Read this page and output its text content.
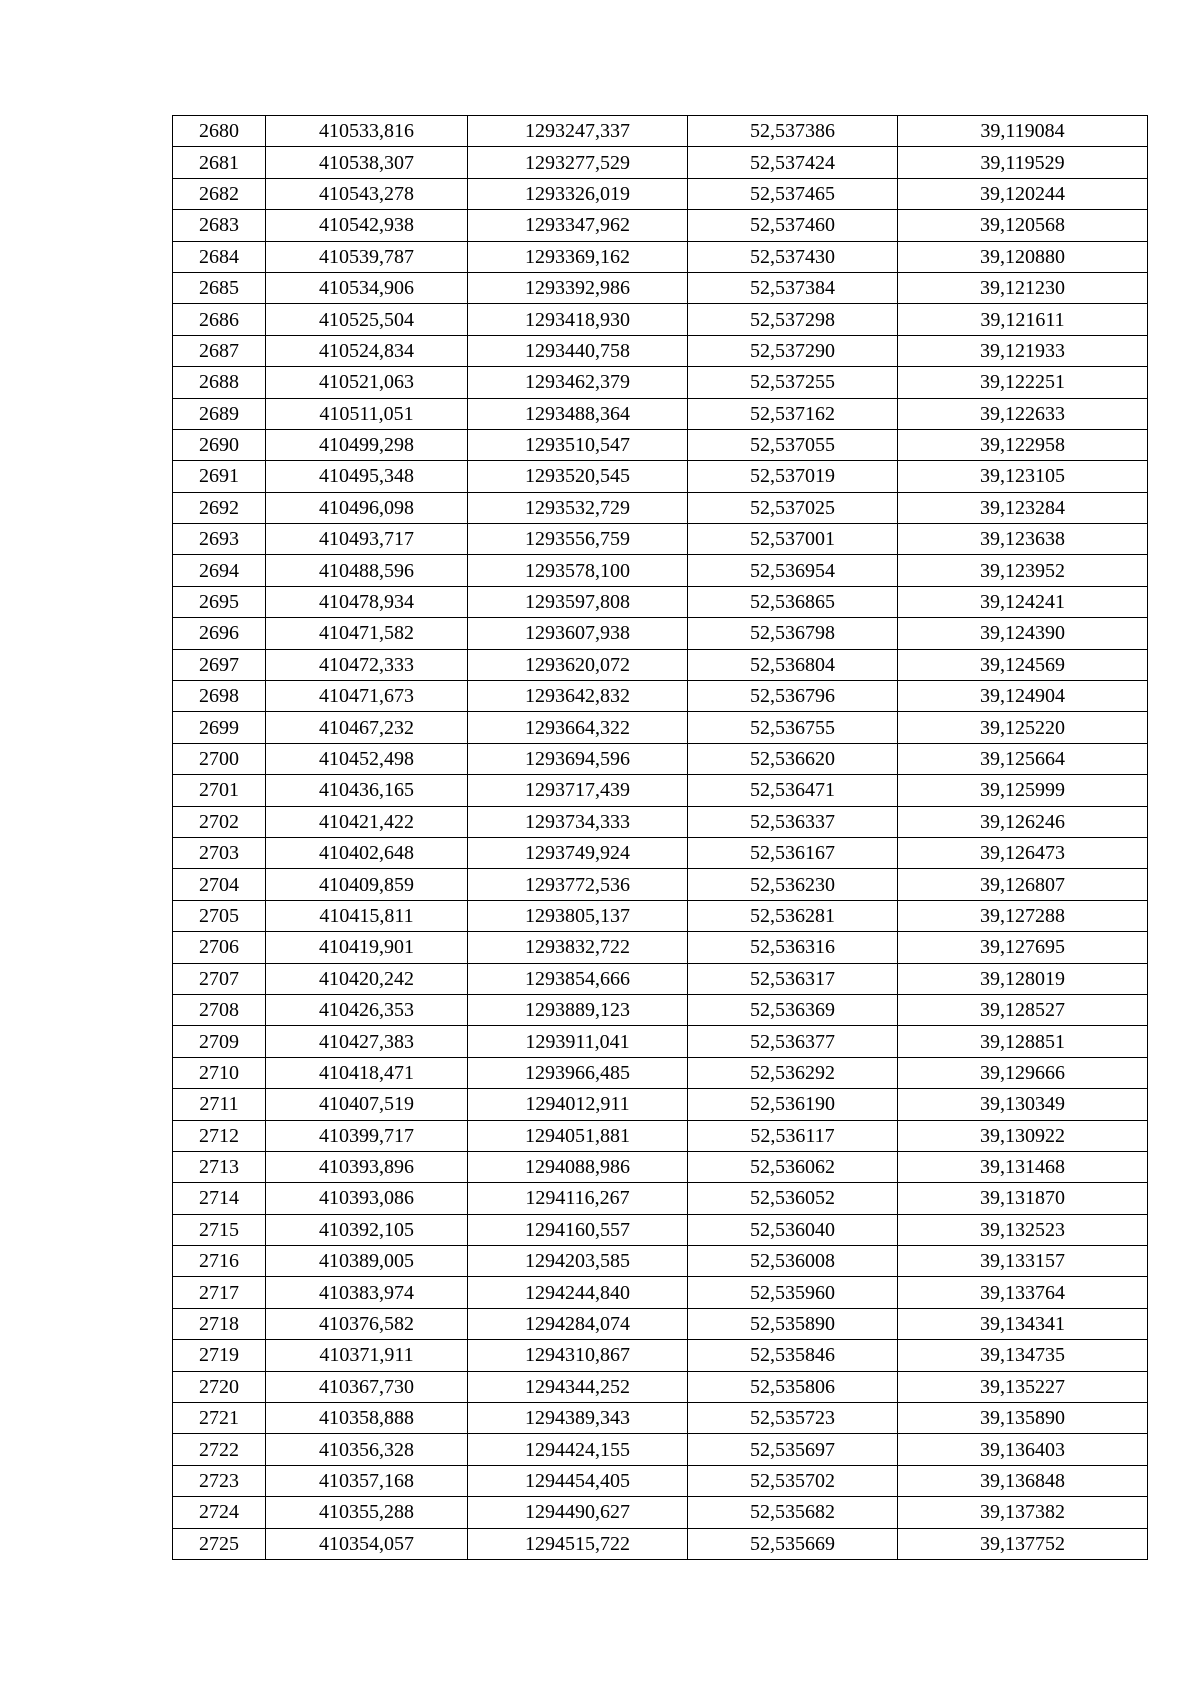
2680	410533,816	1293247,337	52,537386	39,119084
2681	410538,307	1293277,529	52,537424	39,119529
2682	410543,278	1293326,019	52,537465	39,120244
2683	410542,938	1293347,962	52,537460	39,120568
2684	410539,787	1293369,162	52,537430	39,120880
2685	410534,906	1293392,986	52,537384	39,121230
2686	410525,504	1293418,930	52,537298	39,121611
2687	410524,834	1293440,758	52,537290	39,121933
2688	410521,063	1293462,379	52,537255	39,122251
2689	410511,051	1293488,364	52,537162	39,122633
2690	410499,298	1293510,547	52,537055	39,122958
2691	410495,348	1293520,545	52,537019	39,123105
2692	410496,098	1293532,729	52,537025	39,123284
2693	410493,717	1293556,759	52,537001	39,123638
2694	410488,596	1293578,100	52,536954	39,123952
2695	410478,934	1293597,808	52,536865	39,124241
2696	410471,582	1293607,938	52,536798	39,124390
2697	410472,333	1293620,072	52,536804	39,124569
2698	410471,673	1293642,832	52,536796	39,124904
2699	410467,232	1293664,322	52,536755	39,125220
2700	410452,498	1293694,596	52,536620	39,125664
2701	410436,165	1293717,439	52,536471	39,125999
2702	410421,422	1293734,333	52,536337	39,126246
2703	410402,648	1293749,924	52,536167	39,126473
2704	410409,859	1293772,536	52,536230	39,126807
2705	410415,811	1293805,137	52,536281	39,127288
2706	410419,901	1293832,722	52,536316	39,127695
2707	410420,242	1293854,666	52,536317	39,128019
2708	410426,353	1293889,123	52,536369	39,128527
2709	410427,383	1293911,041	52,536377	39,128851
2710	410418,471	1293966,485	52,536292	39,129666
2711	410407,519	1294012,911	52,536190	39,130349
2712	410399,717	1294051,881	52,536117	39,130922
2713	410393,896	1294088,986	52,536062	39,131468
2714	410393,086	1294116,267	52,536052	39,131870
2715	410392,105	1294160,557	52,536040	39,132523
2716	410389,005	1294203,585	52,536008	39,133157
2717	410383,974	1294244,840	52,535960	39,133764
2718	410376,582	1294284,074	52,535890	39,134341
2719	410371,911	1294310,867	52,535846	39,134735
2720	410367,730	1294344,252	52,535806	39,135227
2721	410358,888	1294389,343	52,535723	39,135890
2722	410356,328	1294424,155	52,535697	39,136403
2723	410357,168	1294454,405	52,535702	39,136848
2724	410355,288	1294490,627	52,535682	39,137382
2725	410354,057	1294515,722	52,535669	39,137752
